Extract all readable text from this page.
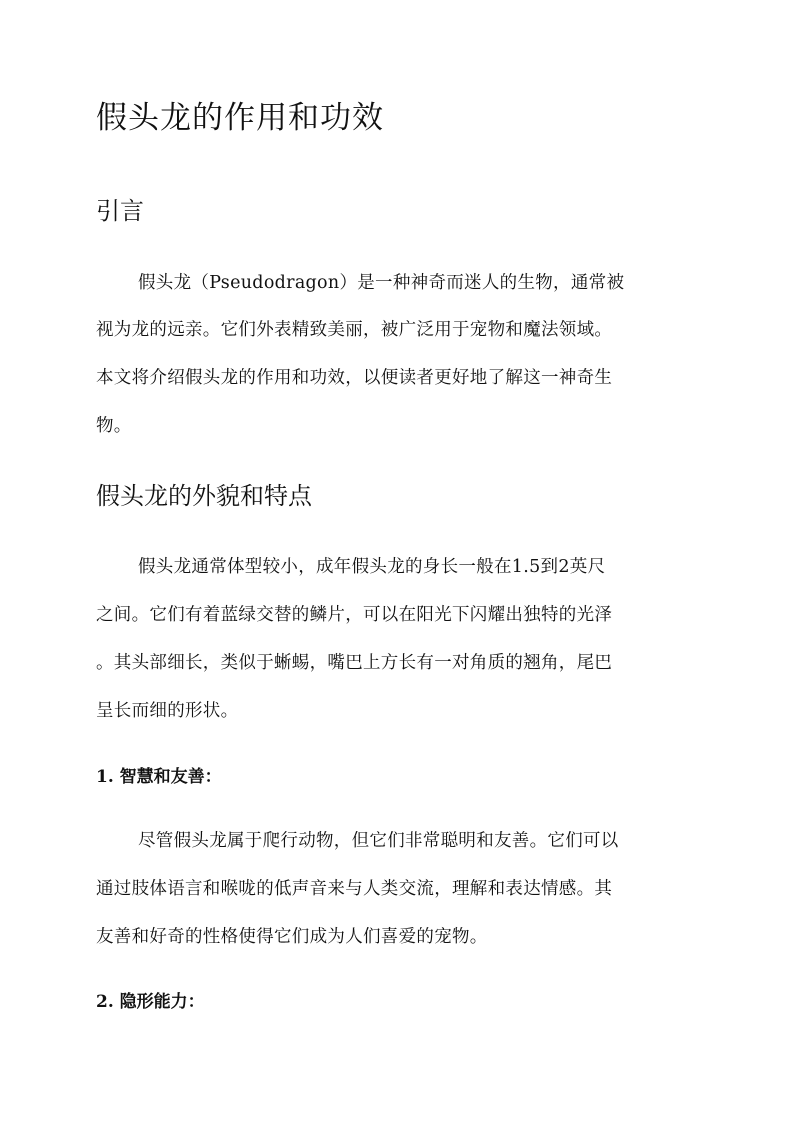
假头龙的作用和功效
引言

假头龙（Pseudodragon）是一种神奇而迷人的生物，通常被

视为龙的远亲。它们外表精致美丽，被广泛用于宠物和魔法领域。

本文将介绍假头龙的作用和功效，以便读者更好地了解这一神奇生

物。

假头龙的外貌和特点

假头龙通常体型较小，成年假头龙的身长一般在1.5到2英尺

之间。它们有着蓝绿交替的鳞片，可以在阳光下闪耀出独特的光泽

。其头部细长，类似于蜥蜴，嘴巴上方长有一对角质的翘角，尾巴

呈长而细的形状。

1. 智慧和友善：

尽管假头龙属于爬行动物，但它们非常聪明和友善。它们可以

通过肢体语言和喉咙的低声音来与人类交流，理解和表达情感。其

友善和好奇的性格使得它们成为人们喜爱的宠物。

2. 隐形能力：
